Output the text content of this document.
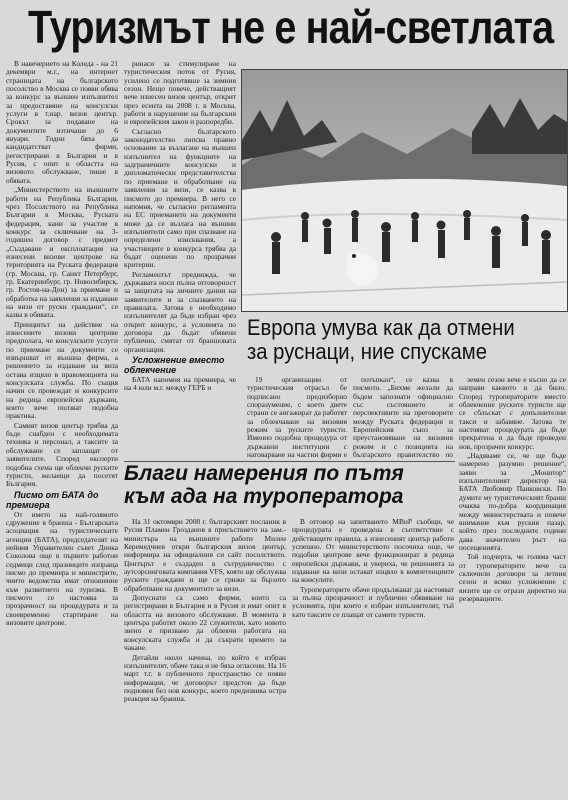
Туризмът не е най-светлата

В навечерието на Коледа - на 21 декември м.г., на интернет страницата на българското посолство в Москва се появи обява за конкурс за външен изпълнител за предоставяне на консулски услуги в т.нар. визов център. Срокът за подаване на документите изтичаше до 6 януари. Годни бяха да кандидатстват фирми, регистрирани в България и в Русия, с опит в областта на визовото обслужване, пише в обявата.

„Министерството на външните работи на Република България, чрез Посолството на Република България в Москва, Руската федерация, кани за участие в конкурс за сключване на 3-годишен договор с предмет „Създаване и експлоатация на изнесени визови центрове на територията на Руската федерация (гр. Москва, гр. Санкт Петербург, гр. Екатеринбург, гр. Новосибирск, гр. Ростов-на-Дон) за приемане и обработка на заявления за издаване на визи от руски граждани“, се казва в обявата.

Принципът на действие на изнесените визови центрове предполага, че консулските услуги по приемане на документи се извършват от външна фирма, а решението за издаване на виза остава изцяло в правомощията на консулската служба. По същия начин се провеждат и конкурсите на редица европейски държави, които вече ползват подобна практика.

Самият визов център трябва да бъде снабден с необходимата техника и персонал, а таксите за обслужване се заплащат от заявителите. Според експерти подобна схема ще облекчи руските туристи, желаещи да посетят България.

Писмо от БАТА до премиера

От името на най-голямото сдружение в бранша - Българската асоциация на туристическите агенции (БАТА), председателят на нейния Управителен съвет Донка Соколова още в първите работни седмици след празниците изпраща писмо до премиера и министрите, чиито ведомства имат отношение към развитието на туризма. В писмото се настоява за прозрачност на процедурата и за своевременно стартиране на визовите центрове.

ринаси за стимулиране на туристическия поток от Русия, усилено се подготвяше за зимния сезон. Нещо повече, действащият вече изнесен визов център, открит през есента на 2008 г. в Москва, работи в нарушение на българския и европейския закон и разпоредби.

Съгласно българското законодателство липсва правно основание за възлагане на външен изпълнител на функциите на задграничните консулски и дипломатически представителства по приемане и обработване на заявления за визи, се казва в писмото до премиера. В него се напомня, че съгласно регламента на ЕС приемането на документи може да се възлага на външни изпълнители само при спазване на определени изисквания, а участниците в конкурса трябва да бъдат оценени по прозрачни критерии.

Регламентът предвижда, че държавата носи пълна отговорност за защитата на личните данни на заявителите и за спазването на правилата. Затова е необходимо изпълнителят да бъде избран чрез открит конкурс, а условията по договора да бъдат обявени публично, смятат от браншовата организация.

Усложнение вместо облекчение

БАТА напомня на премиера, че на 4 юли м.г. между ГЕРБ и

Европа умува как да отмени
за руснаци, ние спускаме

19 организации от туристическия отрасъл бе подписано предизборно споразумение, с което двете страни се ангажират да работят за облекчаване на визовия режим за руските туристи. Именно подобна процедура от държавни институции с натоварване на частни фирми е

потъпкан“, се казва в писмото. „Бихме желали да бъдем запознати официално със състоянието и перспективите на преговорите между Руската федерация и Европейския съюз за преустановяване на визовия режим и с позицията на българското правителство по

земен сезон вече е късно да се направи каквото и да било. Според туроператорите вместо облекчение руските туристи ще се сблъскат с допълнителни такси и забавяне. Затова те настояват процедурата да бъде прекратена и да бъде проведен нов, прозрачен конкурс.

„Надяваме се, че ще бъде намерено разумно решение“, заяви за „Монитор“ изпълнителният директор на БАТА Любомир Панковски. По думите му туристическият бранш очаква по-добра координация между министерствата и повече внимание към руския пазар, който през последните години дава значителен ръст на посещенията.

Той подчерта, че голяма част от туроператорите вече са сключили договори за летния сезон и всяко усложнение с визите ще се отрази директно на резервациите.

Благи намерения по пътя
към ада на туроператора

На 31 октомври 2008 г. българският посланик в Русия Пламен Грозданов в присъствието на зам.-министъра на външните работи Милен Керемедчиев откри българския визов център, информира на официалния си сайт посолството. Центърът е създаден в сътрудничество с аутсорсинговата компания VFS, която ще обслужва руските граждани и ще се грижи за бързото обработване на документите за визи.

Допуснати са само фирми, които са регистрирани в България и в Русия и имат опит в областта на визовото обслужване. В момента в центъра работят около 22 служители, като новото звено е призвано да облекчи работата на консулската служба и да съкрати времето за чакане.

Детайли около начина, по който е избран изпълнителят, обаче така и не бяха огласени. На 16 март т.г. в публичното пространство се появи информация, че договорът предстои да бъде подновен без нов конкурс, което предизвика остра реакция на бранша.

В отговор на запитването МВнР съобщи, че процедурата е проведена в съответствие с действащите правила, а изнесеният център работи успешно. От министерството посочиха още, че подобни центрове вече функционират в редица европейски държави, и увериха, че решенията за издаване на визи остават изцяло в компетенциите на консулите.

Туроператорите обаче продължават да настояват за пълна прозрачност и публично обявяване на условията, при които е избран изпълнителят, тъй като таксите се плащат от самите туристи.
